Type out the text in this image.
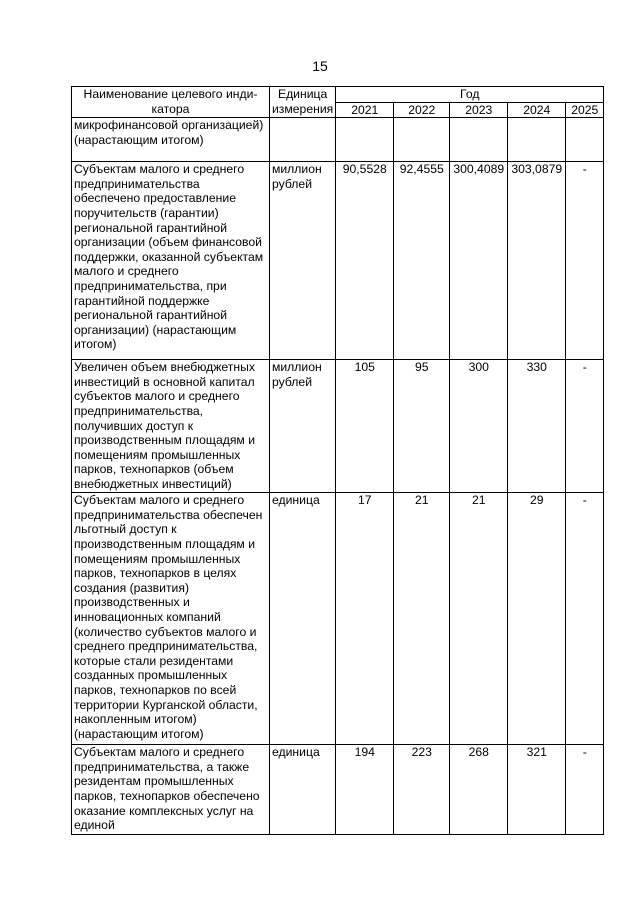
15
Наименование целевого инди-катора	Единица измерения	Год				
		2021	2022	2023	2024	2025
микрофинансовой организацией) (нарастающим итогом)						
Субъектам малого и среднего предпринимательства обеспечено предоставление поручительств (гарантии) региональной гарантийной организации (объем финансовой поддержки, оказанной субъектам малого и среднего предпринимательства, при гарантийной поддержке региональной гарантийной организации) (нарастающим итогом)	миллион рублей	90,5528	92,4555	300,4089	303,0879	-
Увеличен объем внебюджетных инвестиций в основной капитал субъектов малого и среднего предпринимательства, получивших доступ к производственным площадям и помещениям промышленных парков, технопарков (объем внебюджетных инвестиций)	миллион рублей	105	95	300	330	-
Субъектам малого и среднего предпринимательства обеспечен льготный доступ к производственным площадям и помещениям промышленных парков, технопарков в целях создания (развития) производственных и инновационных компаний (количество субъектов малого и среднего предпринимательства, которые стали резидентами созданных промышленных парков, технопарков по всей территории Курганской области, накопленным итогом) (нарастающим итогом)	единица	17	21	21	29	-
Субъектам малого и среднего предпринимательства, а также резидентам промышленных парков, технопарков обеспечено оказание комплексных услуг на единой	единица	194	223	268	321	-
